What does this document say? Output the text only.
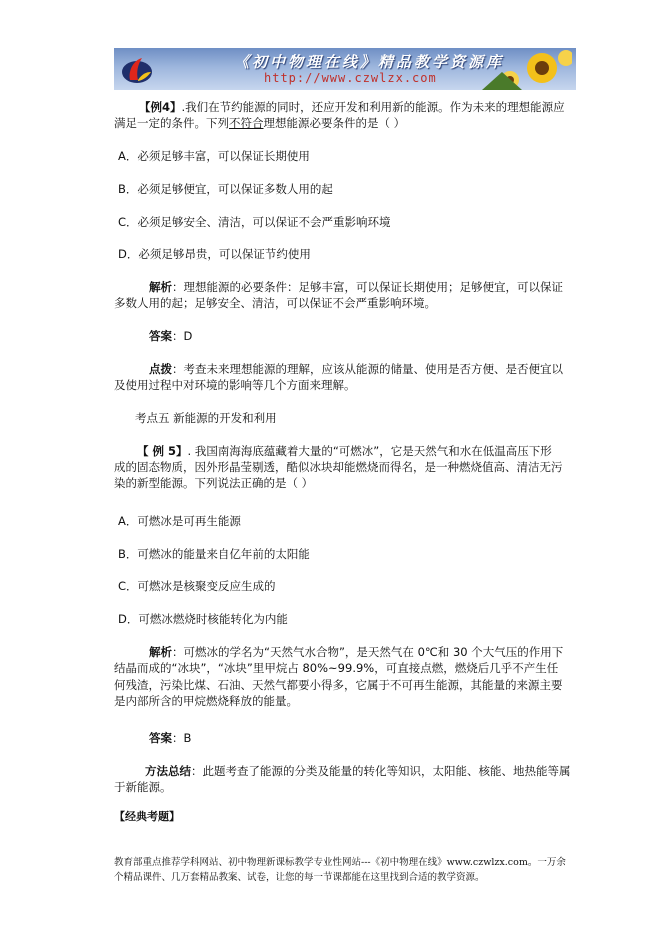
《初中物理在线》精品教学资源库
http://www.czwlzx.com
【例4】.我们在节约能源的同时，还应开发和利用新的能源。作为未来的理想能源应
满足一定的条件。下列不符合理想能源必要条件的是（ ）
A．必须足够丰富，可以保证长期使用
B．必须足够便宜，可以保证多数人用的起
C．必须足够安全、清洁，可以保证不会严重影响环境
D．必须足够昂贵，可以保证节约使用
解析：理想能源的必要条件：足够丰富，可以保证长期使用；足够便宜，可以保证
多数人用的起；足够安全、清洁，可以保证不会严重影响环境。
答案：D
点拨：考查未来理想能源的理解，应该从能源的储量、使用是否方便、是否便宜以
及使用过程中对环境的影响等几个方面来理解。
考点五 新能源的开发和利用
【 例 5】. 我国南海海底蕴藏着大量的“可燃冰”，它是天然气和水在低温高压下形
成的固态物质，因外形晶莹剔透，酷似冰块却能燃烧而得名，是一种燃烧值高、清洁无污
染的新型能源。下列说法正确的是（ ）
A．可燃冰是可再生能源
B．可燃冰的能量来自亿年前的太阳能
C．可燃冰是核聚变反应生成的
D．可燃冰燃烧时核能转化为内能
解析：可燃冰的学名为“天然气水合物”，是天然气在 0℃和 30 个大气压的作用下
结晶而成的“冰块”，“冰块”里甲烷占 80%~99.9%，可直接点燃，燃烧后几乎不产生任
何残渣，污染比煤、石油、天然气都要小得多，它属于不可再生能源，其能量的来源主要
是内部所含的甲烷燃烧释放的能量。
答案：B
方法总结：此题考查了能源的分类及能量的转化等知识，太阳能、核能、地热能等属
于新能源。
【经典考题】
教育部重点推荐学科网站、初中物理新课标教学专业性网站---《初中物理在线》www.czwlzx.com。一万余
个精品课件、几万套精品教案、试卷，让您的每一节课都能在这里找到合适的教学资源。
